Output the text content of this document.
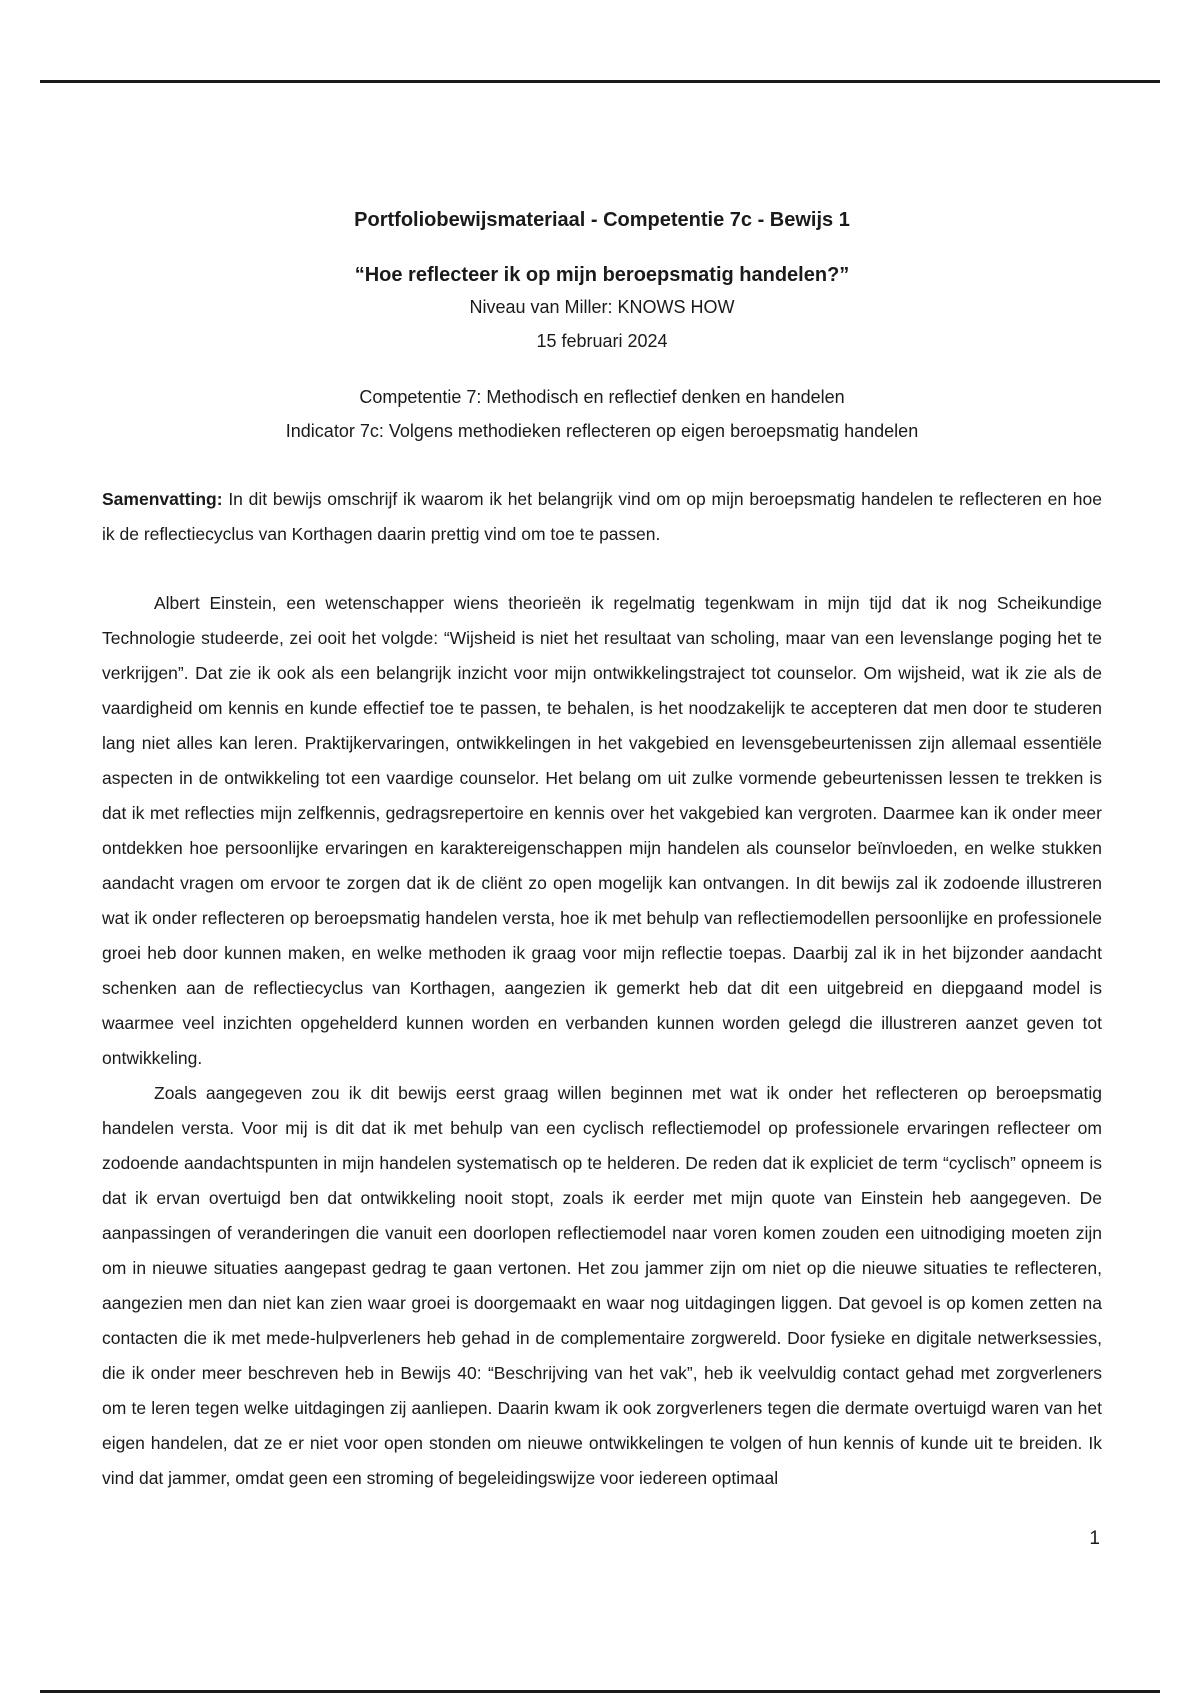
Portfoliobewijsmateriaal - Competentie 7c - Bewijs 1

“Hoe reflecteer ik op mijn beroepsmatig handelen?”

Niveau van Miller: KNOWS HOW

15 februari 2024

Competentie 7: Methodisch en reflectief denken en handelen

Indicator 7c: Volgens methodieken reflecteren op eigen beroepsmatig handelen

Samenvatting: In dit bewijs omschrijf ik waarom ik het belangrijk vind om op mijn beroepsmatig handelen te reflecteren en hoe ik de reflectiecyclus van Korthagen daarin prettig vind om toe te passen.

Albert Einstein, een wetenschapper wiens theorieën ik regelmatig tegenkwam in mijn tijd dat ik nog Scheikundige Technologie studeerde, zei ooit het volgde: “Wijsheid is niet het resultaat van scholing, maar van een levenslange poging het te verkrijgen”. Dat zie ik ook als een belangrijk inzicht voor mijn ontwikkelingstraject tot counselor. Om wijsheid, wat ik zie als de vaardigheid om kennis en kunde effectief toe te passen, te behalen, is het noodzakelijk te accepteren dat men door te studeren lang niet alles kan leren. Praktijkervaringen, ontwikkelingen in het vakgebied en levensgebeurtenissen zijn allemaal essentiële aspecten in de ontwikkeling tot een vaardige counselor. Het belang om uit zulke vormende gebeurtenissen lessen te trekken is dat ik met reflecties mijn zelfkennis, gedragsrepertoire en kennis over het vakgebied kan vergroten. Daarmee kan ik onder meer ontdekken hoe persoonlijke ervaringen en karaktereigenschappen mijn handelen als counselor beïnvloeden, en welke stukken aandacht vragen om ervoor te zorgen dat ik de cliënt zo open mogelijk kan ontvangen. In dit bewijs zal ik zodoende illustreren wat ik onder reflecteren op beroepsmatig handelen versta, hoe ik met behulp van reflectiemodellen persoonlijke en professionele groei heb door kunnen maken, en welke methoden ik graag voor mijn reflectie toepas. Daarbij zal ik in het bijzonder aandacht schenken aan de reflectiecyclus van Korthagen, aangezien ik gemerkt heb dat dit een uitgebreid en diepgaand model is waarmee veel inzichten opgehelderd kunnen worden en verbanden kunnen worden gelegd die illustreren aanzet geven tot ontwikkeling.

Zoals aangegeven zou ik dit bewijs eerst graag willen beginnen met wat ik onder het reflecteren op beroepsmatig handelen versta. Voor mij is dit dat ik met behulp van een cyclisch reflectiemodel op professionele ervaringen reflecteer om zodoende aandachtspunten in mijn handelen systematisch op te helderen. De reden dat ik expliciet de term “cyclisch” opneem is dat ik ervan overtuigd ben dat ontwikkeling nooit stopt, zoals ik eerder met mijn quote van Einstein heb aangegeven. De aanpassingen of veranderingen die vanuit een doorlopen reflectiemodel naar voren komen zouden een uitnodiging moeten zijn om in nieuwe situaties aangepast gedrag te gaan vertonen. Het zou jammer zijn om niet op die nieuwe situaties te reflecteren, aangezien men dan niet kan zien waar groei is doorgemaakt en waar nog uitdagingen liggen. Dat gevoel is op komen zetten na contacten die ik met mede-hulpverleners heb gehad in de complementaire zorgwereld. Door fysieke en digitale netwerksessies, die ik onder meer beschreven heb in Bewijs 40: “Beschrijving van het vak”, heb ik veelvuldig contact gehad met zorgverleners om te leren tegen welke uitdagingen zij aanliepen. Daarin kwam ik ook zorgverleners tegen die dermate overtuigd waren van het eigen handelen, dat ze er niet voor open stonden om nieuwe ontwikkelingen te volgen of hun kennis of kunde uit te breiden. Ik vind dat jammer, omdat geen een stroming of begeleidingswijze voor iedereen optimaal

1
